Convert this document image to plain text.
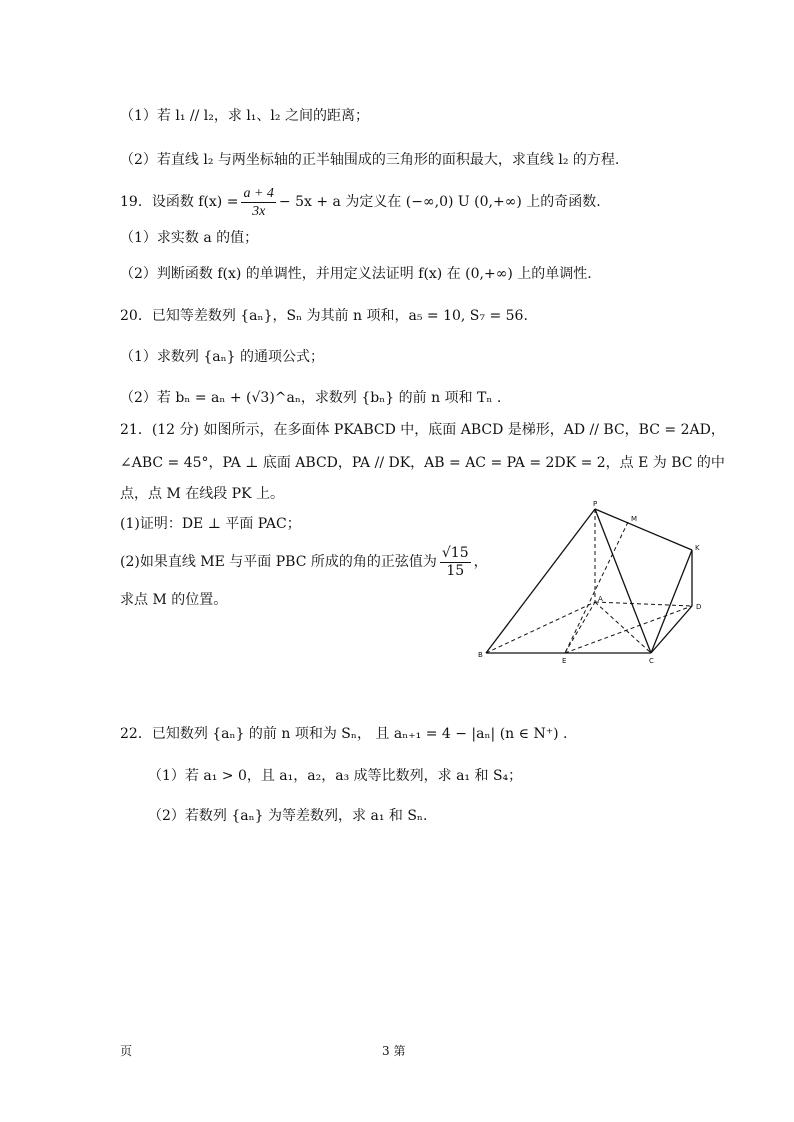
（1）若 l₁ // l₂，求 l₁、l₂ 之间的距离；
（2）若直线 l₂ 与两坐标轴的正半轴围成的三角形的面积最大，求直线 l₂ 的方程.
19．设函数 $f(x) = \frac{a + 4}{3x} - 5x + a$ 为定义在 (−∞,0) U (0,+∞) 上的奇函数.
（1）求实数 a 的值；
（2）判断函数 f(x) 的单调性，并用定义法证明 f(x) 在 (0,+∞) 上的单调性.
20．已知等差数列 {aₙ}，Sₙ 为其前 n 项和，a₅ = 10, S₇ = 56.
（1）求数列 {aₙ} 的通项公式；
（2）若 bₙ = aₙ + (√3)^aₙ，求数列 {bₙ} 的前 n 项和 Tₙ .
21．(12 分) 如图所示，在多面体 PKABCD 中，底面 ABCD 是梯形，AD // BC，BC = 2AD，
∠ABC = 45°，PA ⊥ 底面 ABCD，PA // DK，AB = AC = PA = 2DK = 2，点 E 为 BC 的中
点，点 M 在线段 PK 上。
(1)证明：DE ⊥ 平面 PAC；
(2)如果直线 ME 与平面 PBC 所成的角的正弦值为 $\frac{√15}{15}$ ，
求点 M 的位置。
P
M
K
A
D
B
E	C
22．已知数列 {aₙ} 的前 n 项和为 Sₙ， 且 aₙ₊₁ = 4 − |aₙ| (n ∈ N⁺) .
（1）若 a₁ > 0，且 a₁，a₂，a₃ 成等比数列，求 a₁ 和 S₄；
（2）若数列 {aₙ} 为等差数列，求 a₁ 和 Sₙ.
页	3 第
